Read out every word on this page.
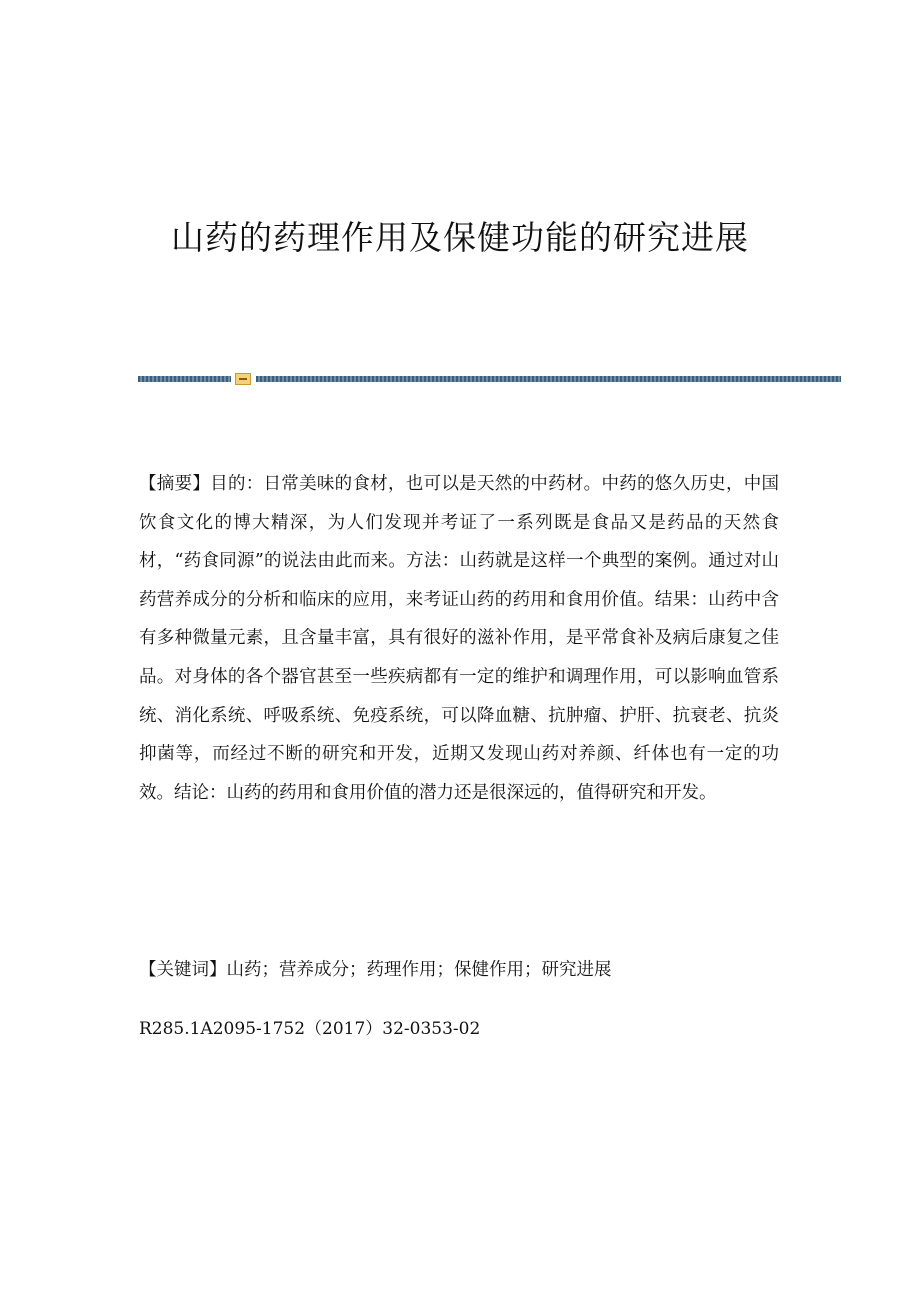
山药的药理作用及保健功能的研究进展

【摘要】目的：日常美味的食材，也可以是天然的中药材。中药的悠久历史，中国饮食文化的博大精深，为人们发现并考证了一系列既是食品又是药品的天然食材，“药食同源”的说法由此而来。方法：山药就是这样一个典型的案例。通过对山药营养成分的分析和临床的应用，来考证山药的药用和食用价值。结果：山药中含有多种微量元素，且含量丰富，具有很好的滋补作用，是平常食补及病后康复之佳品。对身体的各个器官甚至一些疾病都有一定的维护和调理作用，可以影响血管系统、消化系统、呼吸系统、免疫系统，可以降血糖、抗肿瘤、护肝、抗衰老、抗炎抑菌等，而经过不断的研究和开发，近期又发现山药对养颜、纤体也有一定的功效。结论：山药的药用和食用价值的潜力还是很深远的，值得研究和开发。

【关键词】山药；营养成分；药理作用；保健作用；研究进展

R285.1A2095-1752（2017）32-0353-02
